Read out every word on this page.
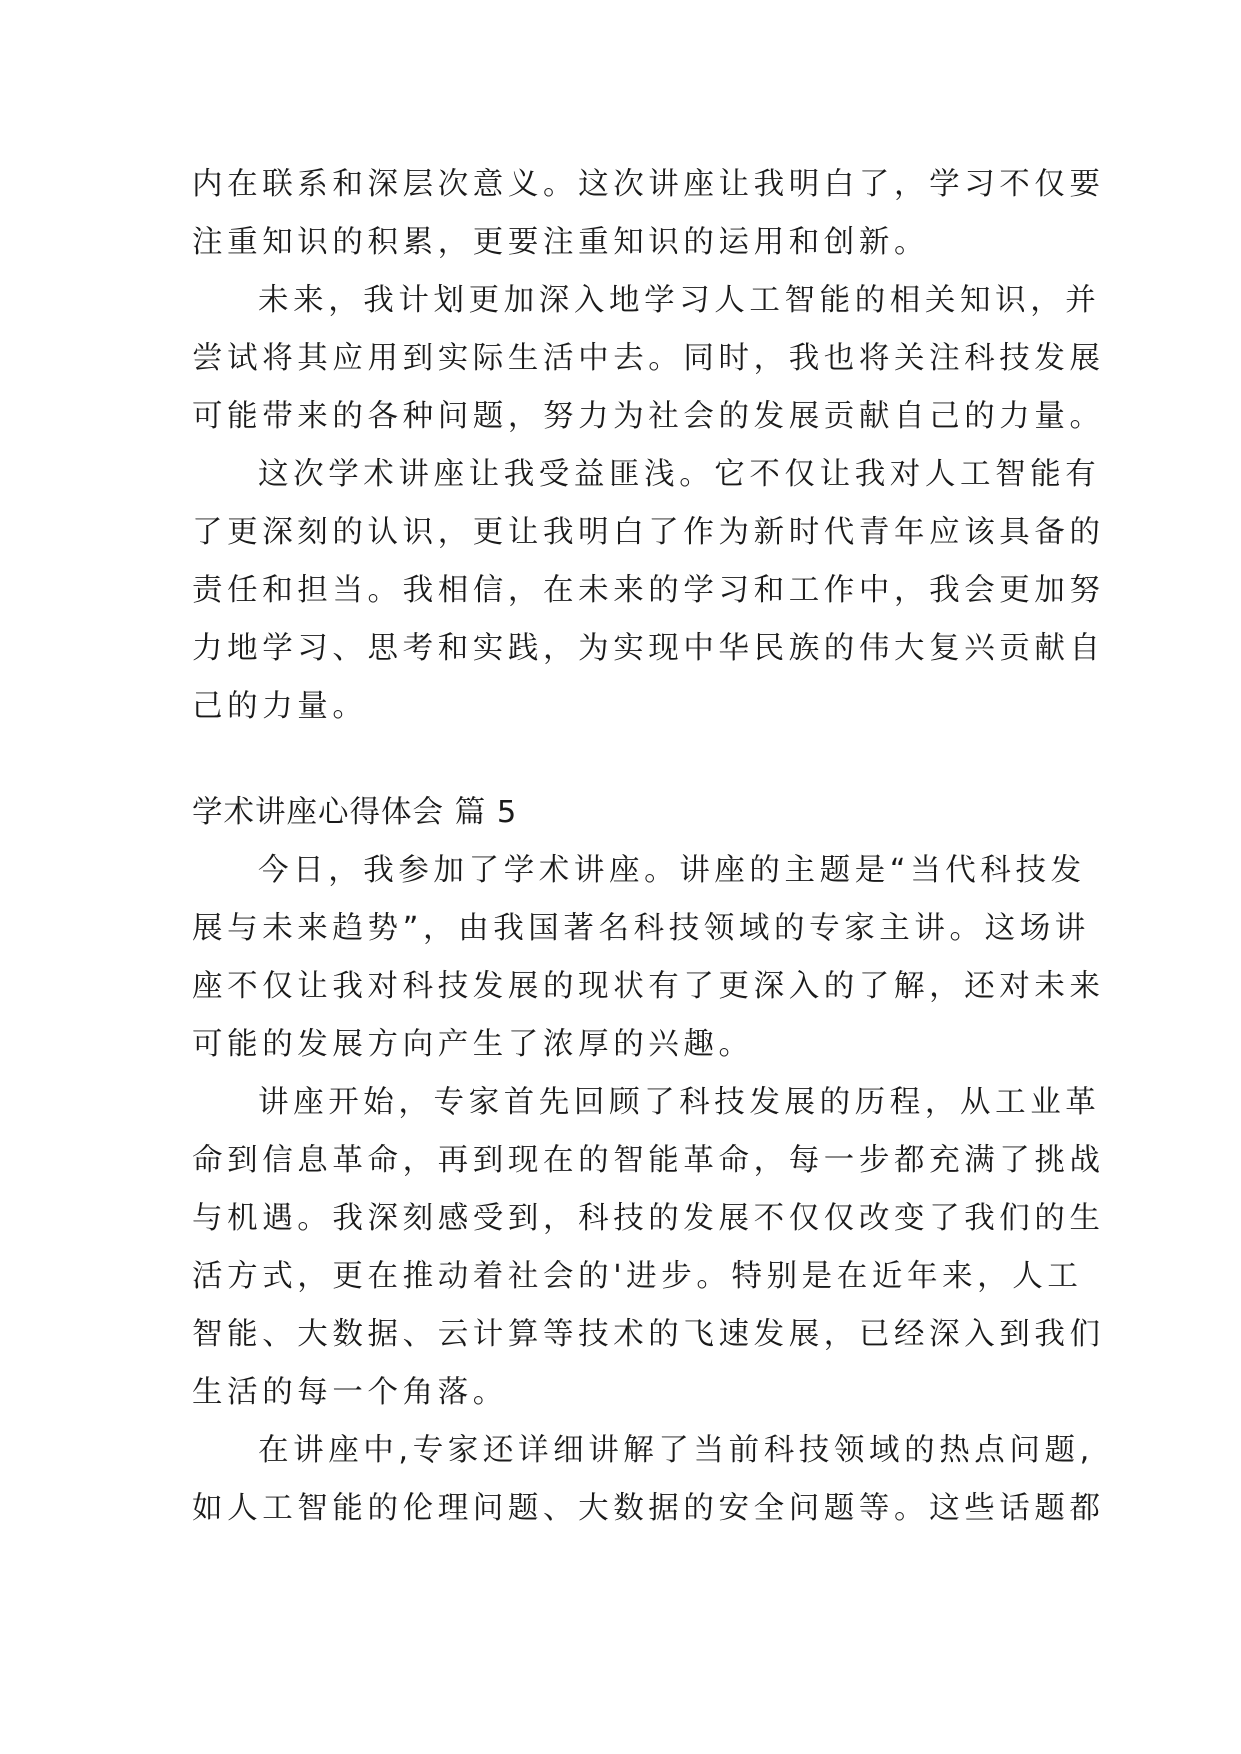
内在联系和深层次意义。这次讲座让我明白了，学习不仅要
注重知识的积累，更要注重知识的运用和创新。
未来，我计划更加深入地学习人工智能的相关知识，并
尝试将其应用到实际生活中去。同时，我也将关注科技发展
可能带来的各种问题，努力为社会的发展贡献自己的力量。
这次学术讲座让我受益匪浅。它不仅让我对人工智能有
了更深刻的认识，更让我明白了作为新时代青年应该具备的
责任和担当。我相信，在未来的学习和工作中，我会更加努
力地学习、思考和实践，为实现中华民族的伟大复兴贡献自
己的力量。
学术讲座心得体会 篇 5
今日，我参加了学术讲座。讲座的主题是“当代科技发
展与未来趋势”，由我国著名科技领域的专家主讲。这场讲
座不仅让我对科技发展的现状有了更深入的了解，还对未来
可能的发展方向产生了浓厚的兴趣。
讲座开始，专家首先回顾了科技发展的历程，从工业革
命到信息革命，再到现在的智能革命，每一步都充满了挑战
与机遇。我深刻感受到，科技的发展不仅仅改变了我们的生
活方式，更在推动着社会的'进步。特别是在近年来，人工
智能、大数据、云计算等技术的飞速发展，已经深入到我们
生活的每一个角落。
在讲座中,专家还详细讲解了当前科技领域的热点问题,
如人工智能的伦理问题、大数据的安全问题等。这些话题都
